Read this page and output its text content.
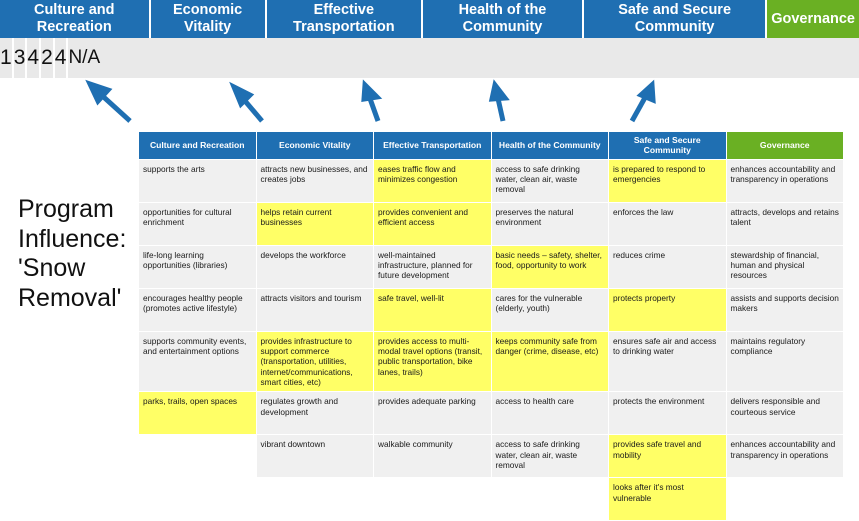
Culture and Recreation
Economic Vitality
Effective Transportation
Health of the Community
Safe and Secure Community
Governance
1 3 4 2 4 N/A
Program
Influence:
'Snow
Removal'
Culture and Recreation	Economic Vitality	Effective Transportation	Health of the Community	Safe and Secure Community	Governance
supports the arts	attracts new businesses, and creates jobs	eases traffic flow and minimizes congestion	access to safe drinking water, clean air, waste removal	is prepared to respond to emergencies	enhances accountability and transparency in operations
opportunities for cultural enrichment	helps retain current businesses	provides convenient and efficient access	preserves the natural environment	enforces the law	attracts, develops and retains talent
life-long learning opportunities (libraries)	develops the workforce	well-maintained infrastructure, planned for future development	basic needs – safety, shelter, food, opportunity to work	reduces crime	stewardship of financial, human and physical resources
encourages healthy people (promotes active lifestyle)	attracts visitors and tourism	safe travel, well-lit	cares for the vulnerable (elderly, youth)	protects property	assists and supports decision makers
supports community events, and entertainment options	provides infrastructure to support commerce (transportation, utilities, internet/communications, smart cities, etc)	provides access to multi-modal travel options (transit, public transportation, bike lanes, trails)	keeps community safe from danger (crime, disease, etc)	ensures safe air and access to drinking water	maintains regulatory compliance
parks, trails, open spaces	regulates growth and development	provides adequate parking	access to health care	protects the environment	delivers responsible and courteous service
	vibrant downtown	walkable community	access to safe drinking water, clean air, waste removal	provides safe travel and mobility	enhances accountability and transparency in operations
				looks after it's most vulnerable	
